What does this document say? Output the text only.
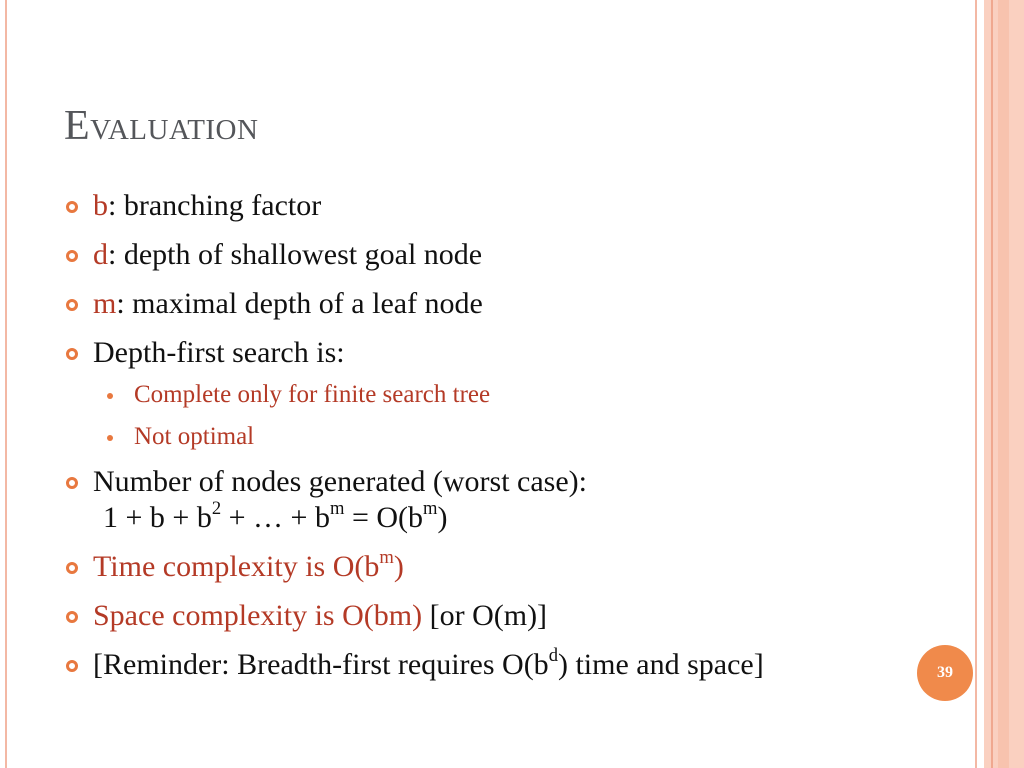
Evaluation
b: branching factor
d: depth of shallowest goal node
m: maximal depth of a leaf node
Depth-first search is:
Complete only for finite search tree
Not optimal
Number of nodes generated (worst case):
$1 + b + b^2$ + … + $b^m = O(b^m)$
Time complexity is $O(b^m)$
Space complexity is O(bm) [or O(m)]
[Reminder: Breadth-first requires $O(b^d)$ time and space]	39
